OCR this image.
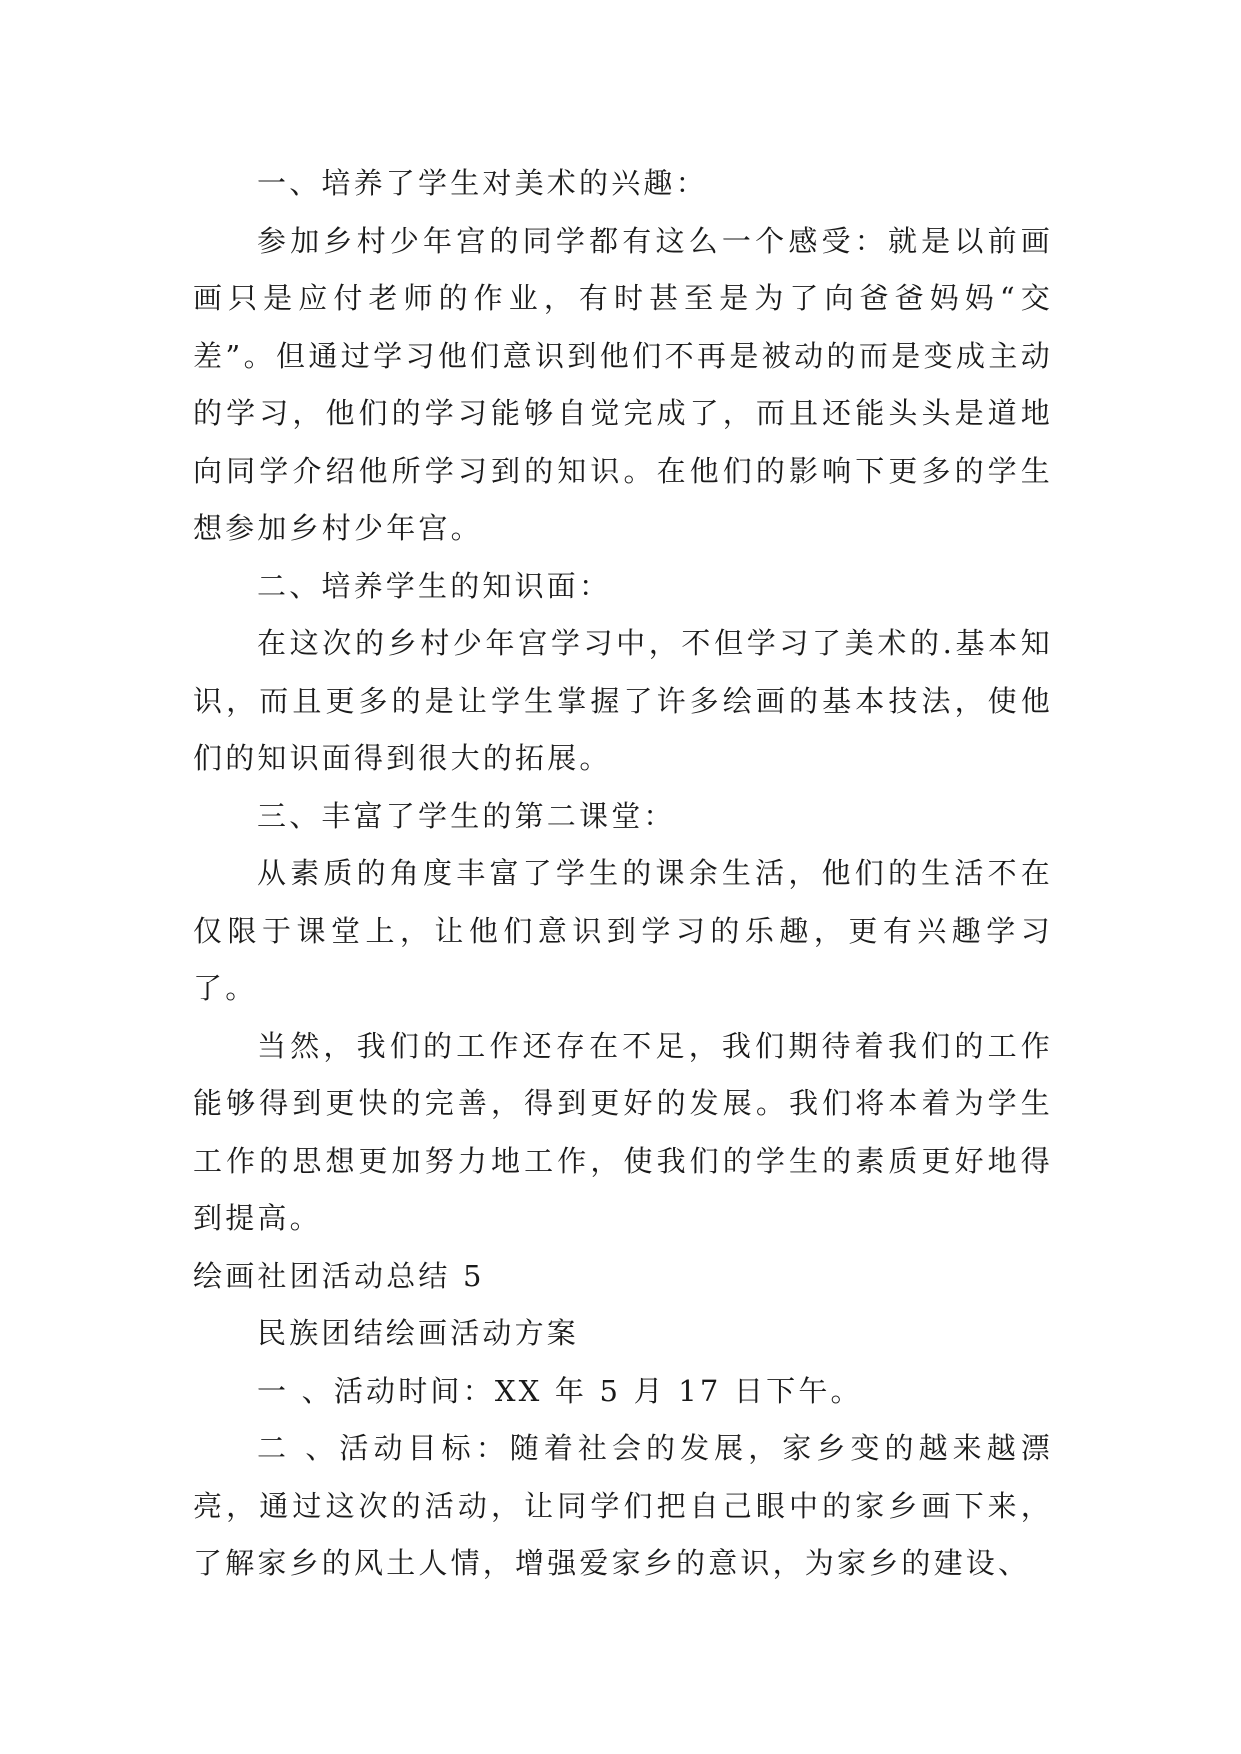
一、培养了学生对美术的兴趣：

参加乡村少年宫的同学都有这么一个感受：就是以前画画只是应付老师的作业，有时甚至是为了向爸爸妈妈“交差”。但通过学习他们意识到他们不再是被动的而是变成主动的学习，他们的学习能够自觉完成了，而且还能头头是道地向同学介绍他所学习到的知识。在他们的影响下更多的学生想参加乡村少年宫。

二、培养学生的知识面：

在这次的乡村少年宫学习中，不但学习了美术的.基本知识，而且更多的是让学生掌握了许多绘画的基本技法，使他们的知识面得到很大的拓展。

三、丰富了学生的第二课堂：

从素质的角度丰富了学生的课余生活，他们的生活不在仅限于课堂上，让他们意识到学习的乐趣，更有兴趣学习了。

当然，我们的工作还存在不足，我们期待着我们的工作能够得到更快的完善，得到更好的发展。我们将本着为学生工作的思想更加努力地工作，使我们的学生的素质更好地得到提高。

绘画社团活动总结 5

民族团结绘画活动方案

一 、活动时间：XX 年 5 月 17 日下午。

二 、活动目标：随着社会的发展，家乡变的越来越漂亮，通过这次的活动，让同学们把自己眼中的家乡画下来，了解家乡的风土人情，增强爱家乡的意识，为家乡的建设、
